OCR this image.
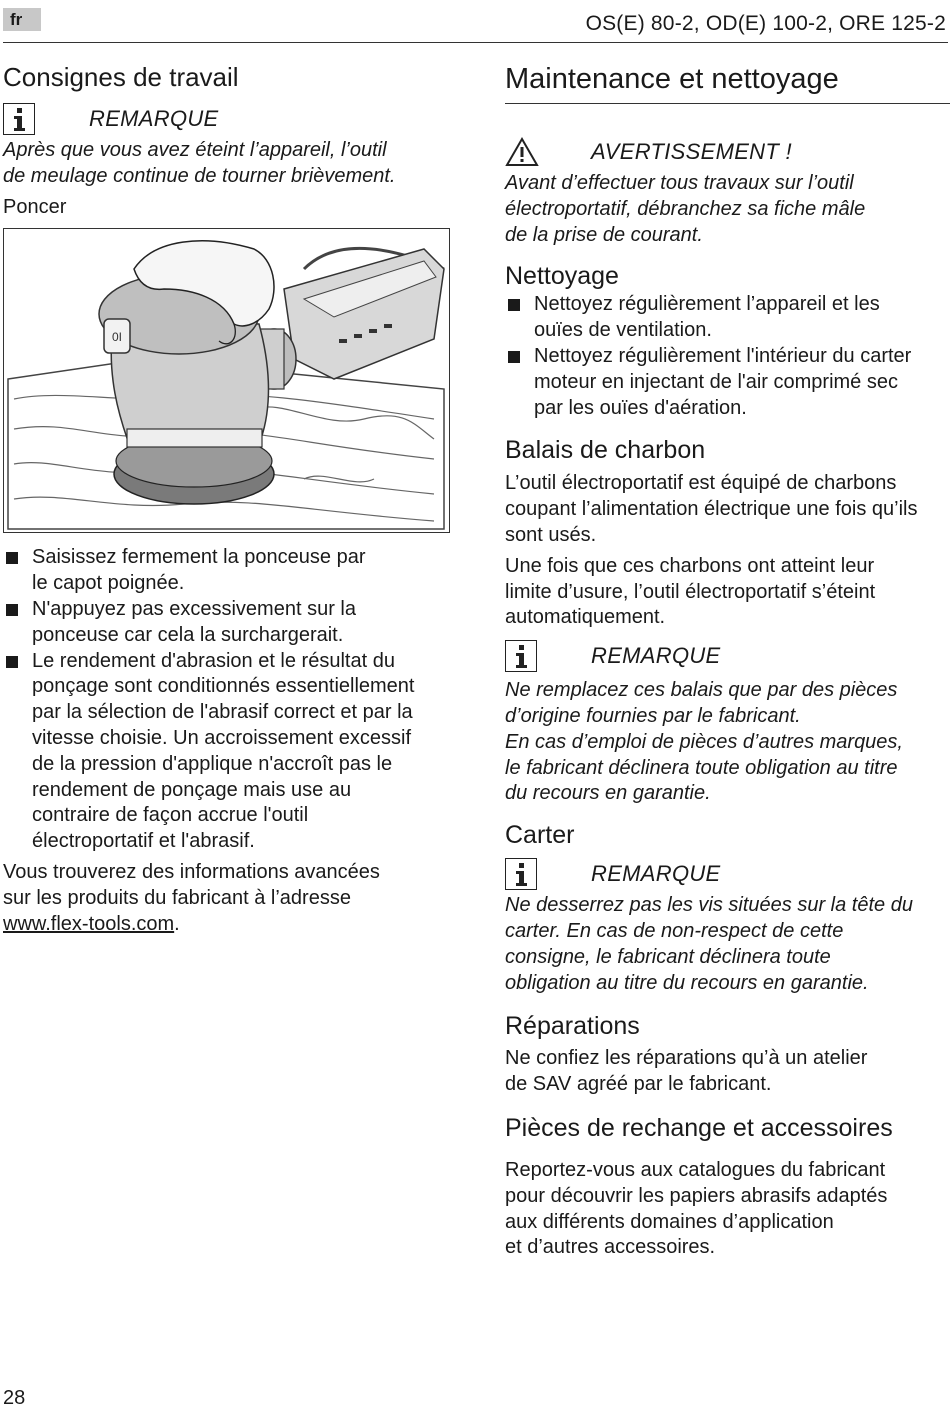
fr	OS(E) 80-2, OD(E) 100-2, ORE 125-2
Consignes de travail
REMARQUE

Après que vous avez éteint l’appareil, l’outil
de meulage continue de tourner brièvement.

Poncer

0I
Saisissez fermement la ponceuse par
le capot poignée.
N'appuyez pas excessivement sur la
ponceuse car cela la surchargerait.
Le rendement d'abrasion et le résultat du
ponçage sont conditionnés essentiellement
par la sélection de l'abrasif correct et par la
vitesse choisie. Un accroissement excessif
de la pression d'applique n'accroît pas le
rendement de ponçage mais use au
contraire de façon accrue l'outil
électroportatif et l'abrasif.

Vous trouverez des informations avancées
sur les produits du fabricant à l’adresse
www.flex-tools.com.

Maintenance et nettoyage
AVERTISSEMENT !

Avant d’effectuer tous travaux sur l’outil
électroportatif, débranchez sa fiche mâle
de la prise de courant.

Nettoyage
Nettoyez régulièrement l’appareil et les
ouïes de ventilation.
Nettoyez régulièrement l'intérieur du carter
moteur en injectant de l'air comprimé sec
par les ouïes d'aération.
Balais de charbon

L’outil électroportatif est équipé de charbons
coupant l’alimentation électrique une fois qu’ils
sont usés.

Une fois que ces charbons ont atteint leur
limite d’usure, l’outil électroportatif s’éteint
automatiquement.

REMARQUE

Ne remplacez ces balais que par des pièces
d’origine fournies par le fabricant.
En cas d’emploi de pièces d’autres marques,
le fabricant déclinera toute obligation au titre
du recours en garantie.

Carter
REMARQUE

Ne desserrez pas les vis situées sur la tête du
carter. En cas de non-respect de cette
consigne, le fabricant déclinera toute
obligation au titre du recours en garantie.

Réparations

Ne confiez les réparations qu’à un atelier
de SAV agréé par le fabricant.

Pièces de rechange et accessoires

Reportez-vous aux catalogues du fabricant
pour découvrir les papiers abrasifs adaptés
aux différents domaines d’application
et d’autres accessoires.

28
